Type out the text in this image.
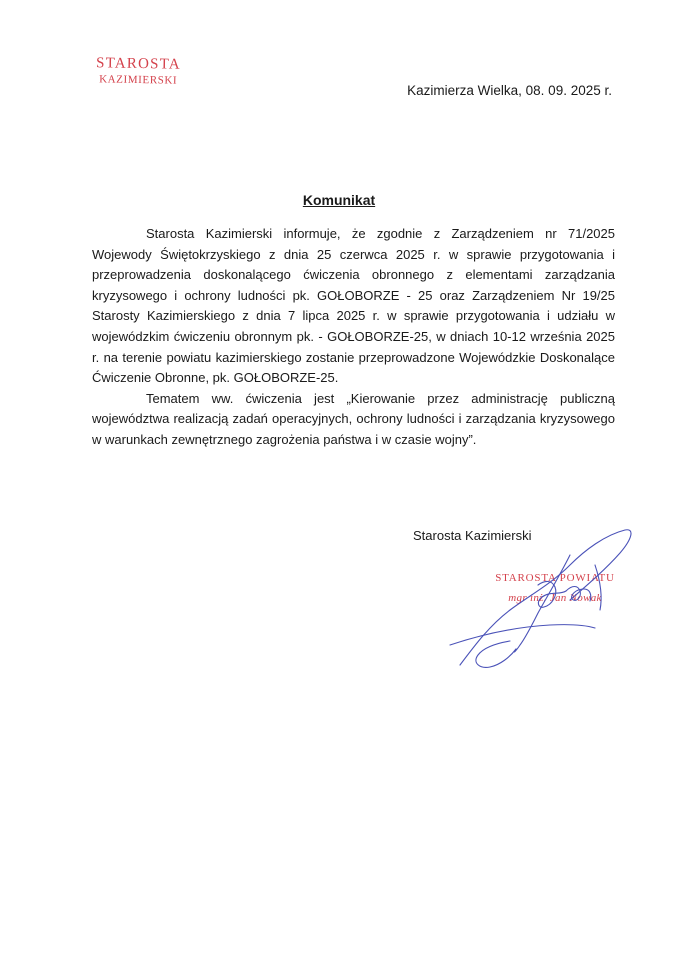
STAROSTA
KAZIMIERSKI
Kazimierza Wielka, 08. 09. 2025 r.
Komunikat

Starosta Kazimierski informuje, że zgodnie z Zarządzeniem nr 71/2025 Wojewody Świętokrzyskiego z dnia 25 czerwca 2025 r. w sprawie przygotowania i przeprowadzenia doskonalącego ćwiczenia obronnego z elementami zarządzania kryzysowego i ochrony ludności pk. GOŁOBORZE - 25 oraz Zarządzeniem Nr 19/25 Starosty Kazimierskiego z dnia 7 lipca 2025 r. w sprawie przygotowania i udziału w wojewódzkim ćwiczeniu obronnym pk. - GOŁOBORZE-25, w dniach 10-12 września 2025 r. na terenie powiatu kazimierskiego zostanie przeprowadzone Wojewódzkie Doskonalące Ćwiczenie Obronne, pk. GOŁOBORZE-25.

Tematem ww. ćwiczenia jest „Kierowanie przez administrację publiczną województwa realizacją zadań operacyjnych, ochrony ludności i zarządzania kryzysowego w warunkach zewnętrznego zagrożenia państwa i w czasie wojny”.

Starosta Kazimierski
STAROSTA POWIATU
mgr inż. Jan Nowak
